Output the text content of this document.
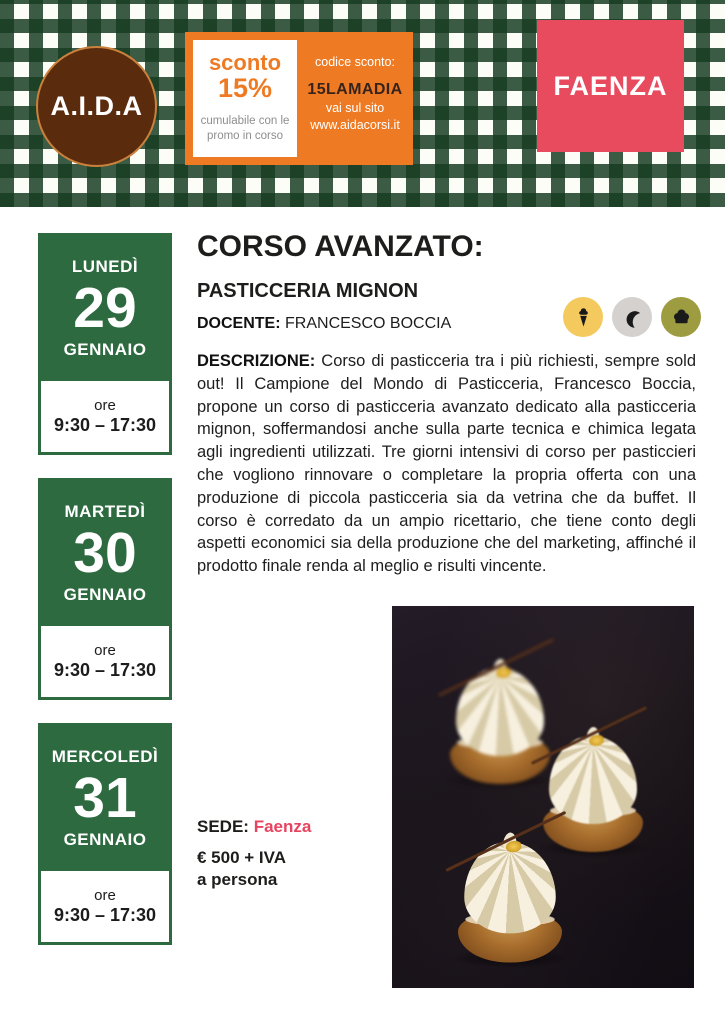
A.I.D.A
sconto
15%
cumulabile con le promo in corso
codice sconto:
15LAMADIA
vai sul sito
www.aidacorsi.it
FAENZA
LUNEDÌ
29
GENNAIO
ore
9:30 – 17:30
MARTEDÌ
30
GENNAIO
ore
9:30 – 17:30
MERCOLEDÌ
31
GENNAIO
ore
9:30 – 17:30
CORSO AVANZATO:
PASTICCERIA MIGNON
DOCENTE: FRANCESCO BOCCIA

DESCRIZIONE: Corso di pasticceria tra i più richiesti, sempre sold out! Il Campione del Mondo di Pasticceria, Francesco Boccia, propone un corso di pasticceria avanzato dedicato alla pasticceria mignon, soffermandosi anche sulla parte tecnica e chimica legata agli ingredienti utilizzati. Tre giorni intensivi di corso per pasticcieri che vogliono rinnovare o completare la propria offerta con una produzione di piccola pasticceria sia da vetrina che da buffet. Il corso è corredato da un ampio ricettario, che tiene conto degli aspetti economici sia della produzione che del marketing, affinché il prodotto finale renda al meglio e risulti vincente.

SEDE: Faenza
€ 500 + IVA
a persona
